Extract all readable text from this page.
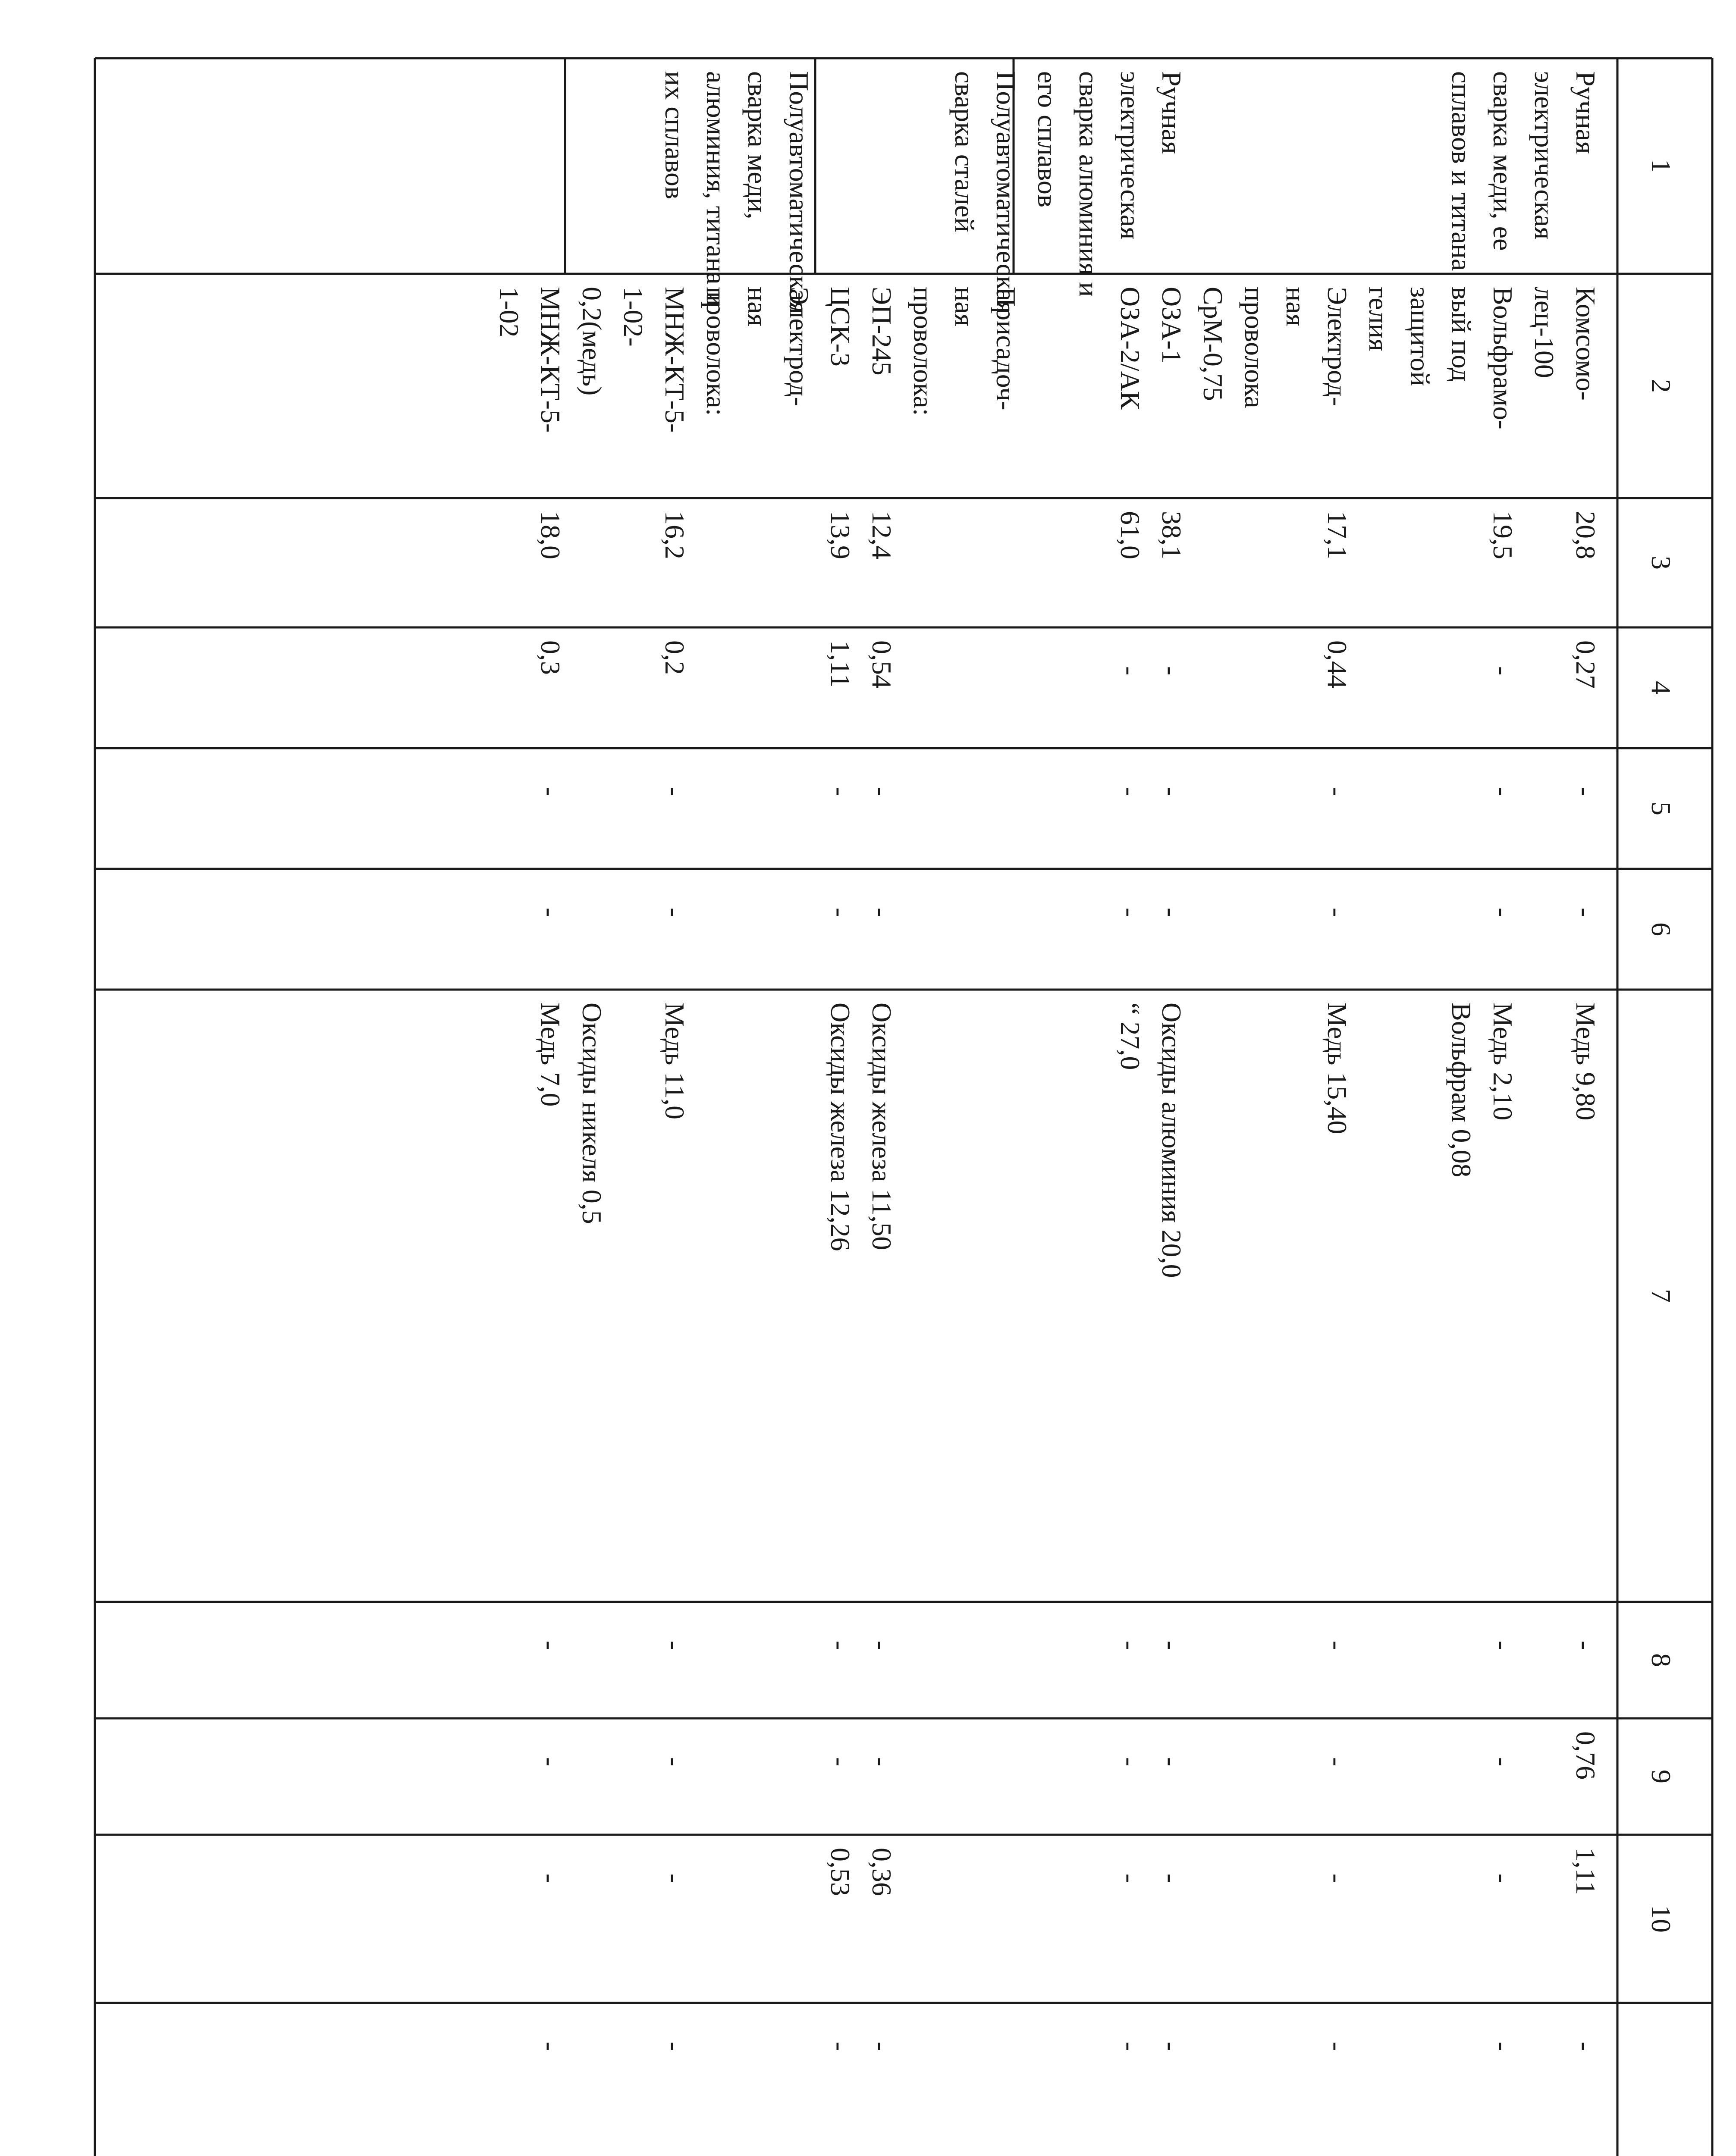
1
2
3
4
5
6
7
8
9
10
Ручная
электрическая
сварка меди, ее
сплавов и титана
Ручная
электрическая
сварка алюминия и
его сплавов
Полуавтоматическая
сварка сталей
Полуавтоматическая
сварка меди,
алюминия, титана и
их сплавов
Комсомо-
лец-100
Вольфрамо-
вый под
защитой
гелия
Электрод-
ная
проволока
СрМ-0,75
ОЗА-1
ОЗА-2/АК
Присадоч-
ная
проволока:
ЭП-245
ЦСК-3
Электрод-
ная
проволока:
МНЖ-КТ-5-
1-02-
0,2(медь)
МНЖ-КТ-5-
1-02
20,8
19,5
17,1
38,1
61,0
12,4
13,9
16,2
18,0
0,27
-
0,44
-
-
0,54
1,11
0,2
0,3
-
-
-
-
-
-
-
-
-
-
-
-
-
-
-
-
-
-
Медь 9,80
Медь 2,10
Вольфрам 0,08
Медь 15,40
Оксиды алюминия 20,0
“ 27,0
Оксиды железа 11,50
Оксиды железа 12,26
Медь 11,0
Оксиды никеля 0,5
Медь 7,0
-
-
-
-
-
-
-
-
-
0,76
-
-
-
-
-
-
-
-
1,11
-
-
-
-
0,36
0,53
-
-
-
-
-
-
-
-
-
-
-
